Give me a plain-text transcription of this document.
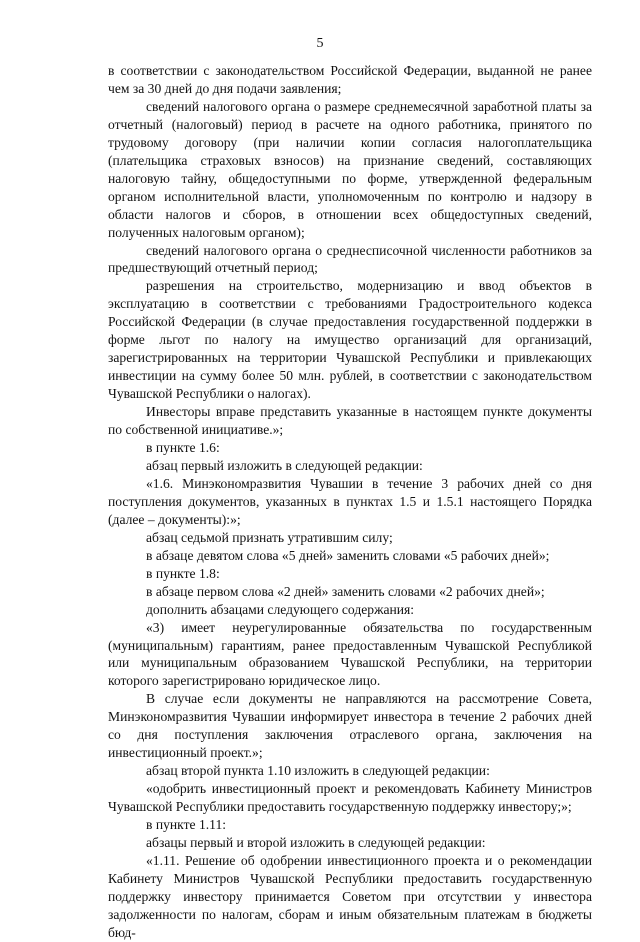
5

в соответствии с законодательством Российской Федерации, выданной не ранее чем за 30 дней до дня подачи заявления;

сведений налогового органа о размере среднемесячной заработной платы за отчетный (налоговый) период в расчете на одного работника, принятого по трудовому договору (при наличии копии согласия налогоплательщика (плательщика страховых взносов) на признание сведений, составляющих налоговую тайну, общедоступными по форме, утвержденной федеральным органом исполнительной власти, уполномоченным по контролю и надзору в области налогов и сборов, в отношении всех общедоступных сведений, полученных налоговым органом);

сведений налогового органа о среднесписочной численности работников за предшествующий отчетный период;

разрешения на строительство, модернизацию и ввод объектов в эксплуатацию в соответствии с требованиями Градостроительного кодекса Российской Федерации (в случае предоставления государственной поддержки в форме льгот по налогу на имущество организаций для организаций, зарегистрированных на территории Чувашской Республики и привлекающих инвестиции на сумму более 50 млн. рублей, в соответствии с законодательством Чувашской Республики о налогах).

Инвесторы вправе представить указанные в настоящем пункте документы по собственной инициативе.»;

в пункте 1.6:

абзац первый изложить в следующей редакции:

«1.6. Минэкономразвития Чувашии в течение 3 рабочих дней со дня поступления документов, указанных в пунктах 1.5 и 1.5.1 настоящего Порядка (далее – документы):»;

абзац седьмой признать утратившим силу;

в абзаце девятом слова «5 дней» заменить словами «5 рабочих дней»;

в пункте 1.8:

в абзаце первом слова «2 дней» заменить словами «2 рабочих дней»;

дополнить абзацами следующего содержания:

«3) имеет неурегулированные обязательства по государственным (муниципальным) гарантиям, ранее предоставленным Чувашской Республикой или муниципальным образованием Чувашской Республики, на территории которого зарегистрировано юридическое лицо.

В случае если документы не направляются на рассмотрение Совета, Минэкономразвития Чувашии информирует инвестора в течение 2 рабочих дней со дня поступления заключения отраслевого органа, заключения на инвестиционный проект.»;

абзац второй пункта 1.10 изложить в следующей редакции:

«одобрить инвестиционный проект и рекомендовать Кабинету Министров Чувашской Республики предоставить государственную поддержку инвестору;»;

в пункте 1.11:

абзацы первый и второй изложить в следующей редакции:

«1.11. Решение об одобрении инвестиционного проекта и о рекомендации Кабинету Министров Чувашской Республики предоставить государственную поддержку инвестору принимается Советом при отсутствии у инвестора задолженности по налогам, сборам и иным обязательным платежам в бюджеты бюд-
